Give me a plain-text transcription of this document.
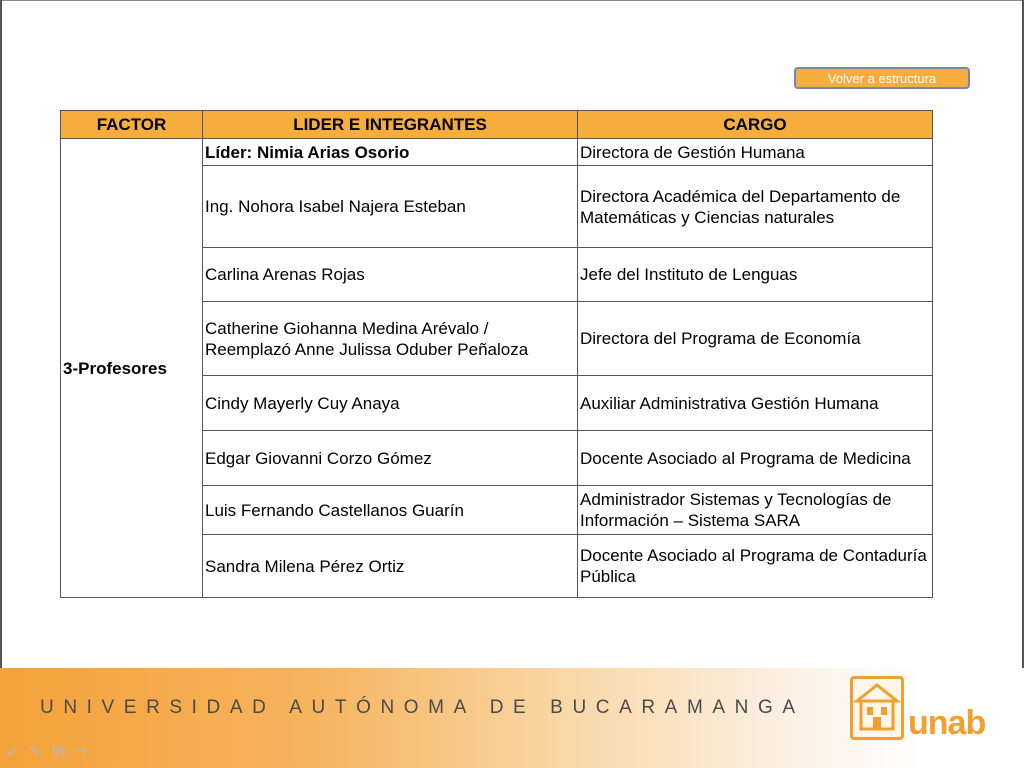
Volver a estructura
FACTOR	LIDER E INTEGRANTES	CARGO
3-Profesores	Líder: Nimia Arias Osorio	Directora de Gestión Humana
	Ing. Nohora Isabel Najera Esteban	Directora Académica del Departamento de Matemáticas y Ciencias naturales
	Carlina Arenas Rojas	Jefe del Instituto de Lenguas
	Catherine Giohanna Medina Arévalo / Reemplazó Anne Julissa Oduber Peñaloza	Directora del Programa de Economía
	Cindy Mayerly Cuy Anaya	Auxiliar Administrativa Gestión Humana
	Edgar Giovanni Corzo Gómez	Docente Asociado al Programa de Medicina
	Luis Fernando Castellanos Guarín	Administrador Sistemas y Tecnologías de Información – Sistema SARA
	Sandra Milena Pérez Ortiz	Docente Asociado al Programa de Contaduría Pública
UNIVERSIDAD AUTÓNOMA DE BUCARAMANGA	unab
↙ ✎ ▤ ↪
